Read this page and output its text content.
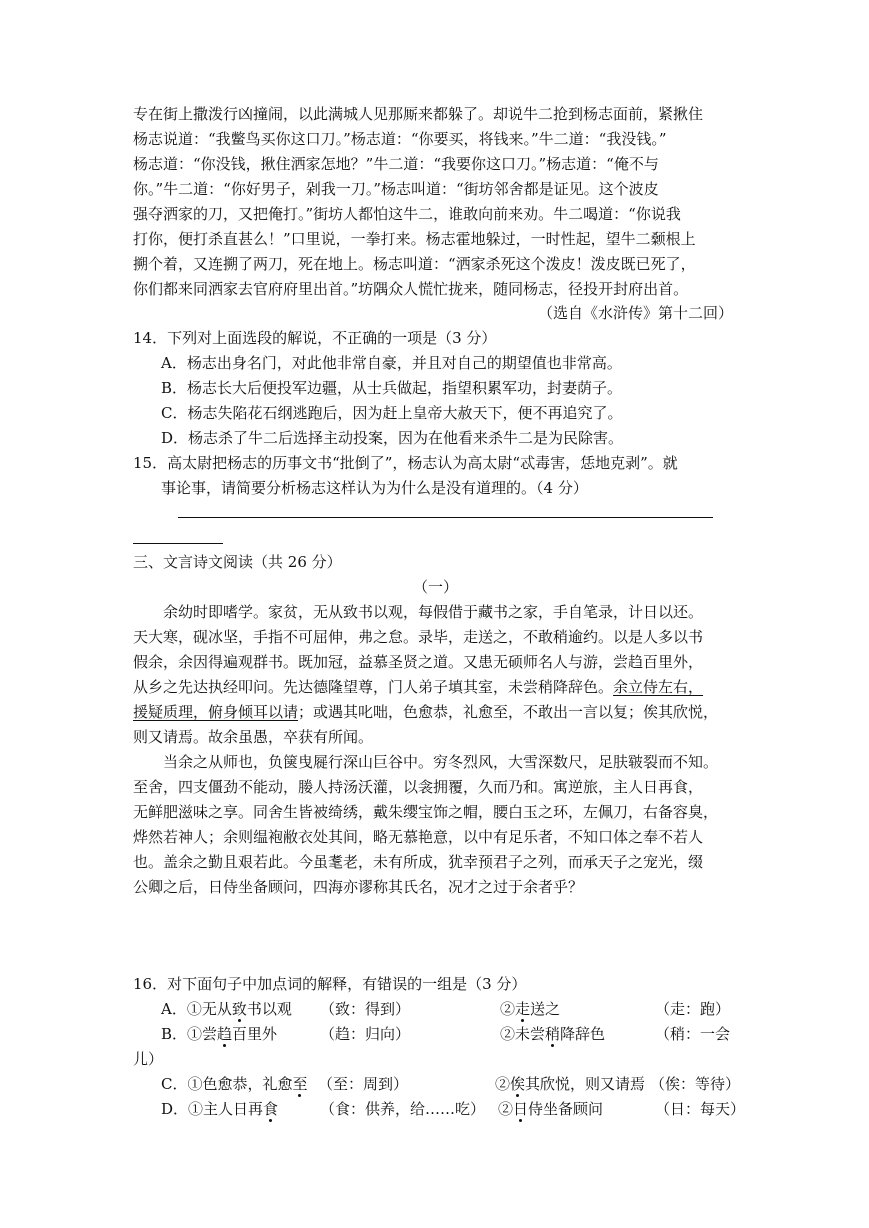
专在街上撒泼行凶撞闹，以此满城人见那厮来都躲了。却说牛二抢到杨志面前，紧揪住
杨志说道：“我鳖鸟买你这口刀。”杨志道：“你要买，将钱来。”牛二道：“我没钱。”
杨志道：“你没钱，揪住洒家怎地？”牛二道：“我要你这口刀。”杨志道：“俺不与
你。”牛二道：“你好男子，剁我一刀。”杨志叫道：“街坊邻舍都是证见。这个波皮
强夺洒家的刀，又把俺打。”街坊人都怕这牛二，谁敢向前来劝。牛二喝道：“你说我
打你，便打杀直甚么！”口里说，一拳打来。杨志霍地躲过，一时性起，望牛二颡根上
搠个着，又连搠了两刀，死在地上。杨志叫道：“洒家杀死这个泼皮！泼皮既已死了，
你们都来同洒家去官府府里出首。”坊隅众人慌忙拢来，随同杨志，径投开封府出首。
（选自《水浒传》第十二回）
14．下列对上面选段的解说，不正确的一项是（3 分）
A．杨志出身名门，对此他非常自豪，并且对自己的期望值也非常高。
B．杨志长大后便投军边疆，从士兵做起，指望积累军功，封妻荫子。
C．杨志失陷花石纲逃跑后，因为赶上皇帝大赦天下，便不再追究了。
D．杨志杀了牛二后选择主动投案，因为在他看来杀牛二是为民除害。
15．高太尉把杨志的历事文书“批倒了”，杨志认为高太尉“忒毒害，恁地克剥”。就
事论事，请简要分析杨志这样认为为什么是没有道理的。（4 分）
三、文言诗文阅读（共 26 分）
（一）
余幼时即嗜学。家贫，无从致书以观，每假借于藏书之家，手自笔录，计日以还。
天大寒，砚冰坚，手指不可屈伸，弗之怠。录毕，走送之，不敢稍逾约。以是人多以书
假余，余因得遍观群书。既加冠，益慕圣贤之道。又患无硕师名人与游，尝趋百里外，
从乡之先达执经叩问。先达德隆望尊，门人弟子填其室，未尝稍降辞色。余立侍左右，
援疑质理，俯身倾耳以请；或遇其叱咄，色愈恭，礼愈至，不敢出一言以复；俟其欣悦，
则又请焉。故余虽愚，卒获有所闻。
当余之从师也，负箧曳屣行深山巨谷中。穷冬烈风，大雪深数尺，足肤皲裂而不知。
至舍，四支僵劲不能动，媵人持汤沃灌，以衾拥覆，久而乃和。寓逆旅，主人日再食，
无鲜肥滋味之享。同舍生皆被绮绣，戴朱缨宝饰之帽，腰白玉之环，左佩刀，右备容臭，
烨然若神人；余则缊袍敝衣处其间，略无慕艳意，以中有足乐者，不知口体之奉不若人
也。盖余之勤且艰若此。今虽耄老，未有所成，犹幸预君子之列，而承天子之宠光，缀
公卿之后，日侍坐备顾问，四海亦谬称其氏名，况才之过于余者乎？
16．对下面句子中加点词的解释，有错误的一组是（3 分）
A．①无从致书以观 （致：得到）	②走送之	（走：跑）
B．①尝趋百里外	（趋：归向）	②未尝稍降辞色	（稍：一会
儿）
C．①色愈恭，礼愈至 （至：周到）	②俟其欣悦，则又请焉 （俟：等待）
D．①主人日再食	（食：供养，给……吃） ②日侍坐备顾问	（日：每天）
